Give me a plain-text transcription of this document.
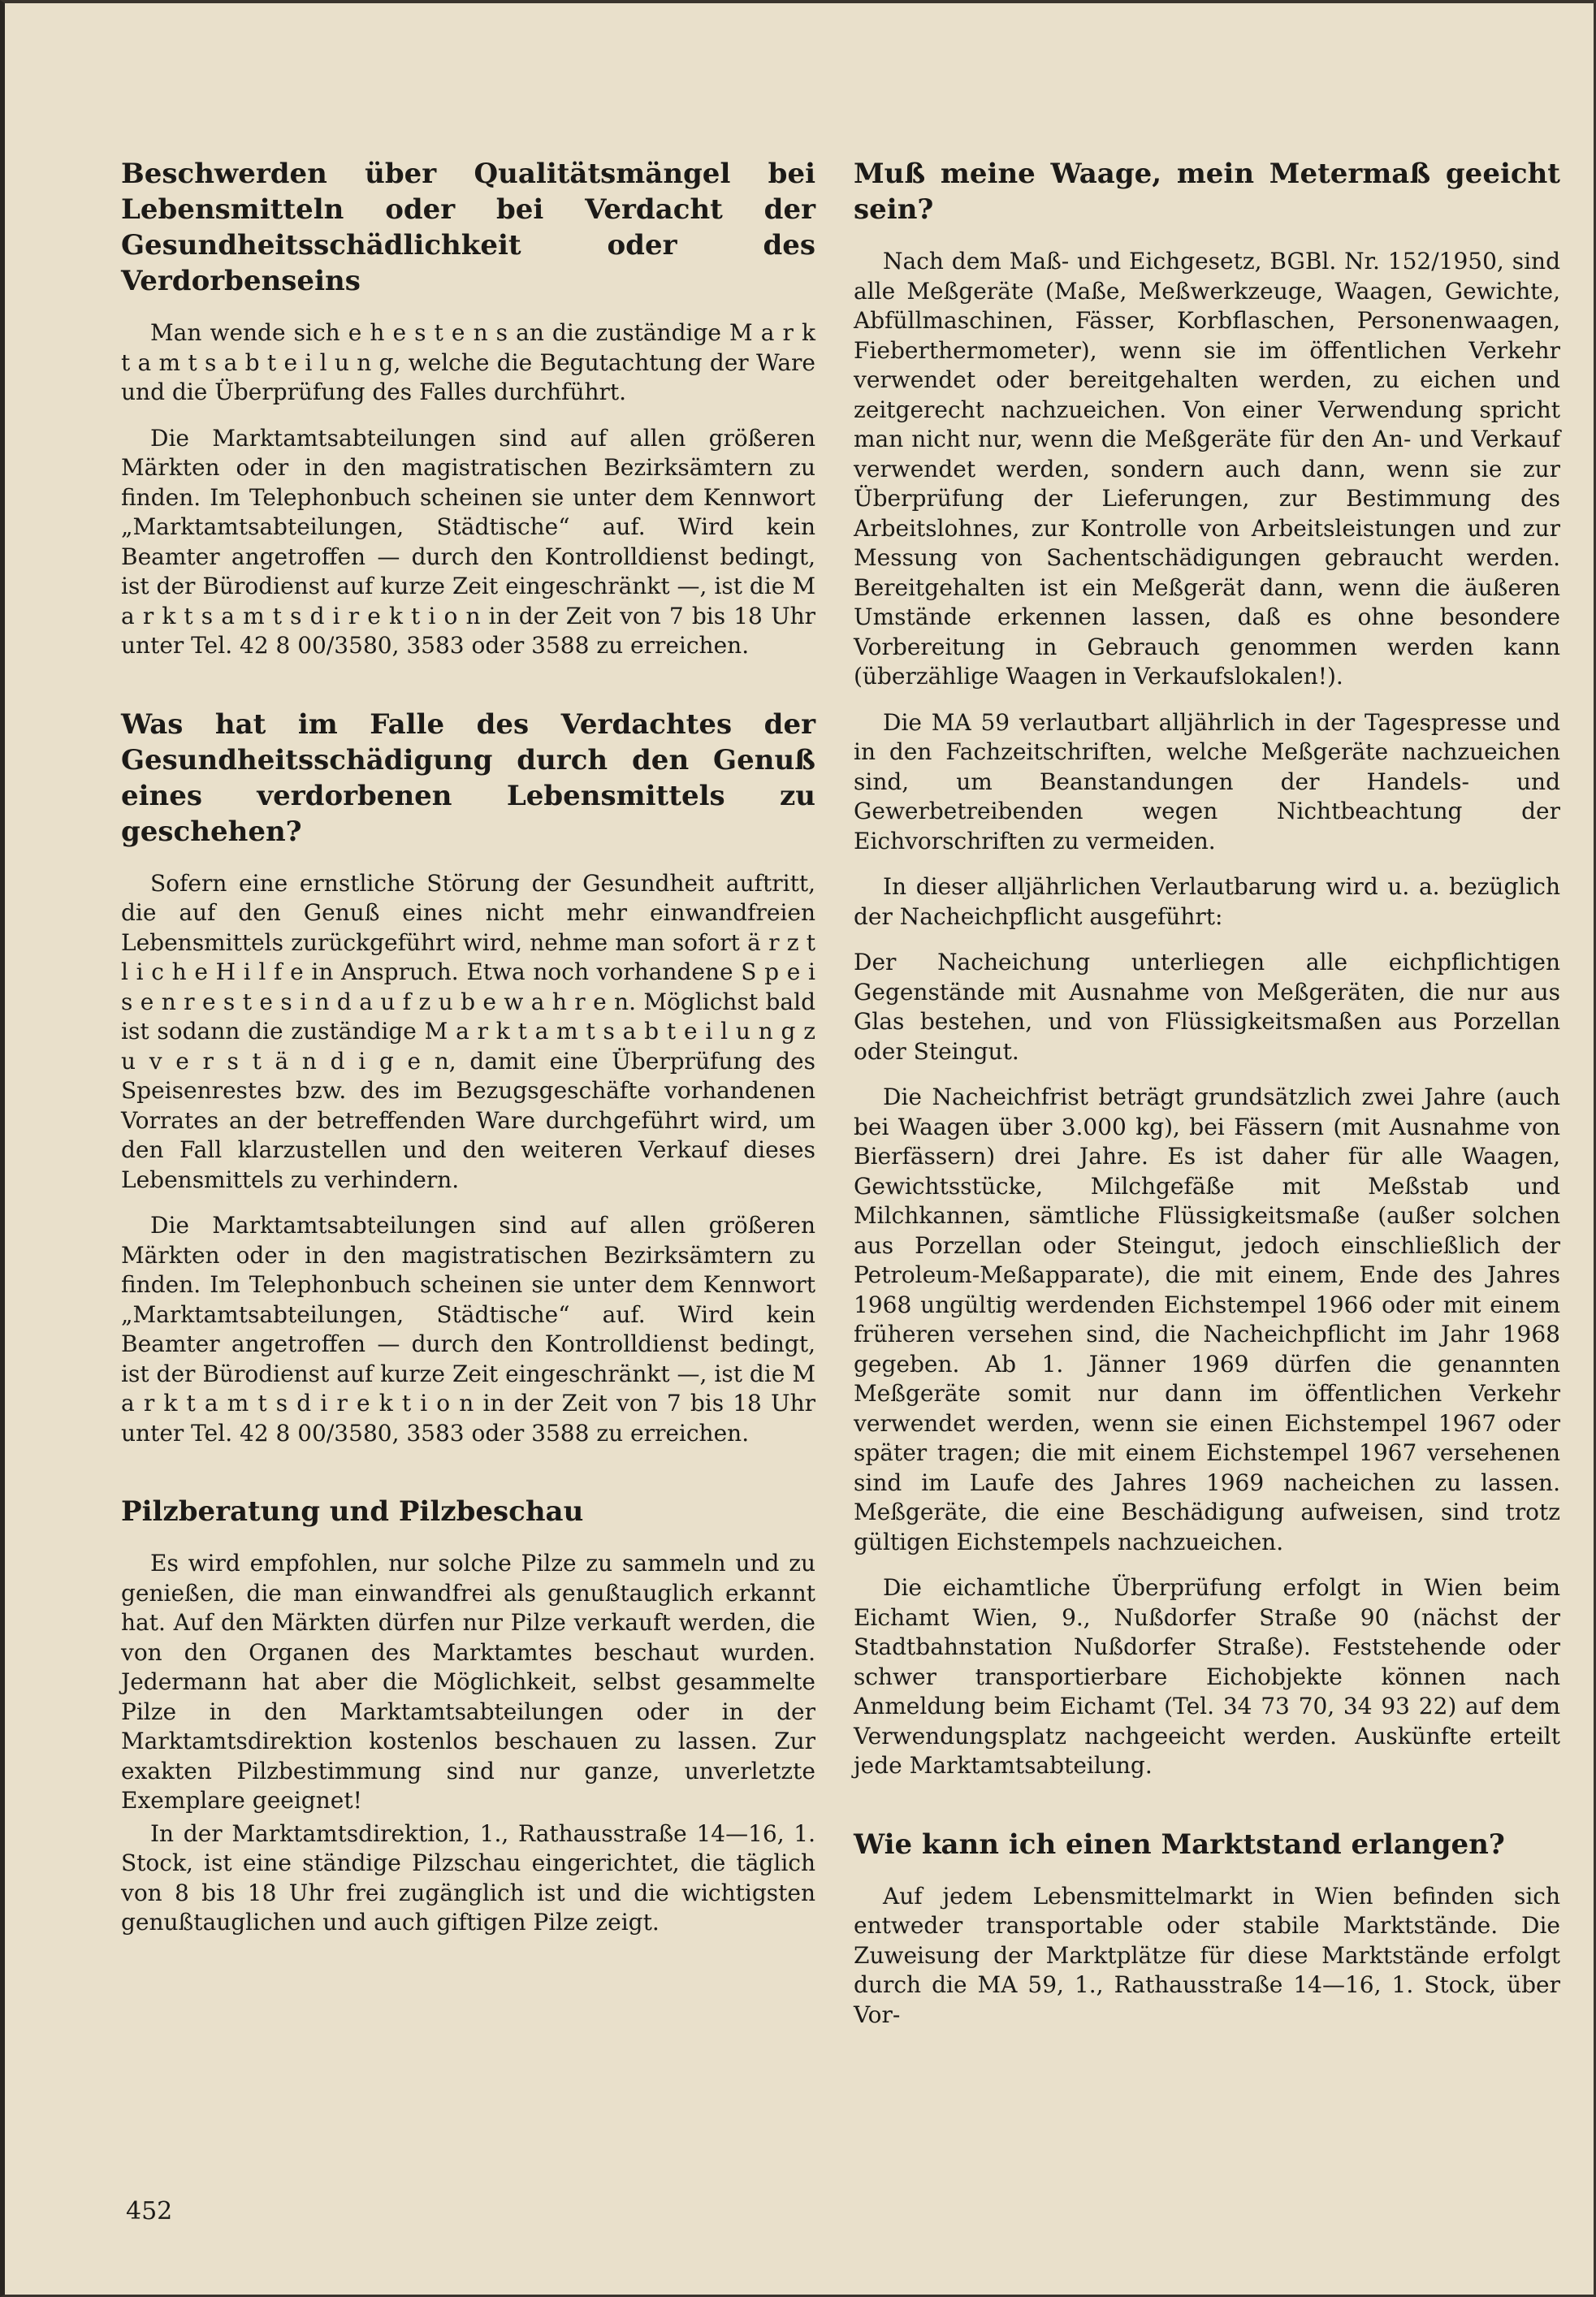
Beschwerden über Qualitätsmängel bei Lebensmitteln oder bei Verdacht der Gesundheitsschädlichkeit oder des Verdorbenseins

Man wende sich e h e s t e n s an die zuständige M a r k t a m t s a b t e i l u n g, welche die Begutachtung der Ware und die Überprüfung des Falles durchführt.

Die Marktamtsabteilungen sind auf allen größeren Märkten oder in den magistratischen Bezirksämtern zu finden. Im Telephonbuch scheinen sie unter dem Kennwort „Marktamtsabteilungen, Städtische“ auf. Wird kein Beamter angetroffen — durch den Kontrolldienst bedingt, ist der Bürodienst auf kurze Zeit eingeschränkt —, ist die M a r k t s a m t s d i r e k t i o n in der Zeit von 7 bis 18 Uhr unter Tel. 42 8 00/3580, 3583 oder 3588 zu erreichen.

Was hat im Falle des Verdachtes der Gesundheitsschädigung durch den Genuß eines verdorbenen Lebensmittels zu geschehen?

Sofern eine ernstliche Störung der Gesundheit auftritt, die auf den Genuß eines nicht mehr einwandfreien Lebensmittels zurückgeführt wird, nehme man sofort ä r z t l i c h e H i l f e in Anspruch. Etwa noch vorhandene S p e i s e n r e s t e s i n d a u f z u b e w a h r e n. Möglichst bald ist sodann die zuständige M a r k t a m t s a b t e i l u n g z u v e r s t ä n d i g e n, damit eine Überprüfung des Speisenrestes bzw. des im Bezugsgeschäfte vorhandenen Vorrates an der betreffenden Ware durchgeführt wird, um den Fall klarzustellen und den weiteren Verkauf dieses Lebensmittels zu verhindern.

Die Marktamtsabteilungen sind auf allen größeren Märkten oder in den magistratischen Bezirksämtern zu finden. Im Telephonbuch scheinen sie unter dem Kennwort „Marktamtsabteilungen, Städtische“ auf. Wird kein Beamter angetroffen — durch den Kontrolldienst bedingt, ist der Bürodienst auf kurze Zeit eingeschränkt —, ist die M a r k t a m t s d i r e k t i o n in der Zeit von 7 bis 18 Uhr unter Tel. 42 8 00/3580, 3583 oder 3588 zu erreichen.

Pilzberatung und Pilzbeschau

Es wird empfohlen, nur solche Pilze zu sammeln und zu genießen, die man einwandfrei als genußtauglich erkannt hat. Auf den Märkten dürfen nur Pilze verkauft werden, die von den Organen des Marktamtes beschaut wurden. Jedermann hat aber die Möglichkeit, selbst gesammelte Pilze in den Marktamtsabteilungen oder in der Marktamtsdirektion kostenlos beschauen zu lassen. Zur exakten Pilzbestimmung sind nur ganze, unverletzte Exemplare geeignet!

In der Marktamtsdirektion, 1., Rathausstraße 14—16, 1. Stock, ist eine ständige Pilzschau eingerichtet, die täglich von 8 bis 18 Uhr frei zugänglich ist und die wichtigsten genußtauglichen und auch giftigen Pilze zeigt.

Muß meine Waage, mein Metermaß geeicht sein?

Nach dem Maß- und Eichgesetz, BGBl. Nr. 152/1950, sind alle Meßgeräte (Maße, Meßwerkzeuge, Waagen, Gewichte, Abfüllmaschinen, Fässer, Korbflaschen, Personenwaagen, Fieberthermometer), wenn sie im öffentlichen Verkehr verwendet oder bereitgehalten werden, zu eichen und zeitgerecht nachzueichen. Von einer Verwendung spricht man nicht nur, wenn die Meßgeräte für den An- und Verkauf verwendet werden, sondern auch dann, wenn sie zur Überprüfung der Lieferungen, zur Bestimmung des Arbeitslohnes, zur Kontrolle von Arbeitsleistungen und zur Messung von Sachentschädigungen gebraucht werden. Bereitgehalten ist ein Meßgerät dann, wenn die äußeren Umstände erkennen lassen, daß es ohne besondere Vorbereitung in Gebrauch genommen werden kann (überzählige Waagen in Verkaufslokalen!).

Die MA 59 verlautbart alljährlich in der Tagespresse und in den Fachzeitschriften, welche Meßgeräte nachzueichen sind, um Beanstandungen der Handels- und Gewerbetreibenden wegen Nichtbeachtung der Eichvorschriften zu vermeiden.

In dieser alljährlichen Verlautbarung wird u. a. bezüglich der Nacheichpflicht ausgeführt:

Der Nacheichung unterliegen alle eichpflichtigen Gegenstände mit Ausnahme von Meßgeräten, die nur aus Glas bestehen, und von Flüssigkeitsmaßen aus Porzellan oder Steingut.

Die Nacheichfrist beträgt grundsätzlich zwei Jahre (auch bei Waagen über 3.000 kg), bei Fässern (mit Ausnahme von Bierfässern) drei Jahre. Es ist daher für alle Waagen, Gewichtsstücke, Milchgefäße mit Meßstab und Milchkannen, sämtliche Flüssigkeitsmaße (außer solchen aus Porzellan oder Steingut, jedoch einschließlich der Petroleum-Meßapparate), die mit einem, Ende des Jahres 1968 ungültig werdenden Eichstempel 1966 oder mit einem früheren versehen sind, die Nacheichpflicht im Jahr 1968 gegeben. Ab 1. Jänner 1969 dürfen die genannten Meßgeräte somit nur dann im öffentlichen Verkehr verwendet werden, wenn sie einen Eichstempel 1967 oder später tragen; die mit einem Eichstempel 1967 versehenen sind im Laufe des Jahres 1969 nacheichen zu lassen. Meßgeräte, die eine Beschädigung aufweisen, sind trotz gültigen Eichstempels nachzueichen.

Die eichamtliche Überprüfung erfolgt in Wien beim Eichamt Wien, 9., Nußdorfer Straße 90 (nächst der Stadtbahnstation Nußdorfer Straße). Feststehende oder schwer transportierbare Eichobjekte können nach Anmeldung beim Eichamt (Tel. 34 73 70, 34 93 22) auf dem Verwendungsplatz nachgeeicht werden. Auskünfte erteilt jede Marktamtsabteilung.

Wie kann ich einen Marktstand erlangen?

Auf jedem Lebensmittelmarkt in Wien befinden sich entweder transportable oder stabile Marktstände. Die Zuweisung der Marktplätze für diese Marktstände erfolgt durch die MA 59, 1., Rathausstraße 14—16, 1. Stock, über Vor-

452
